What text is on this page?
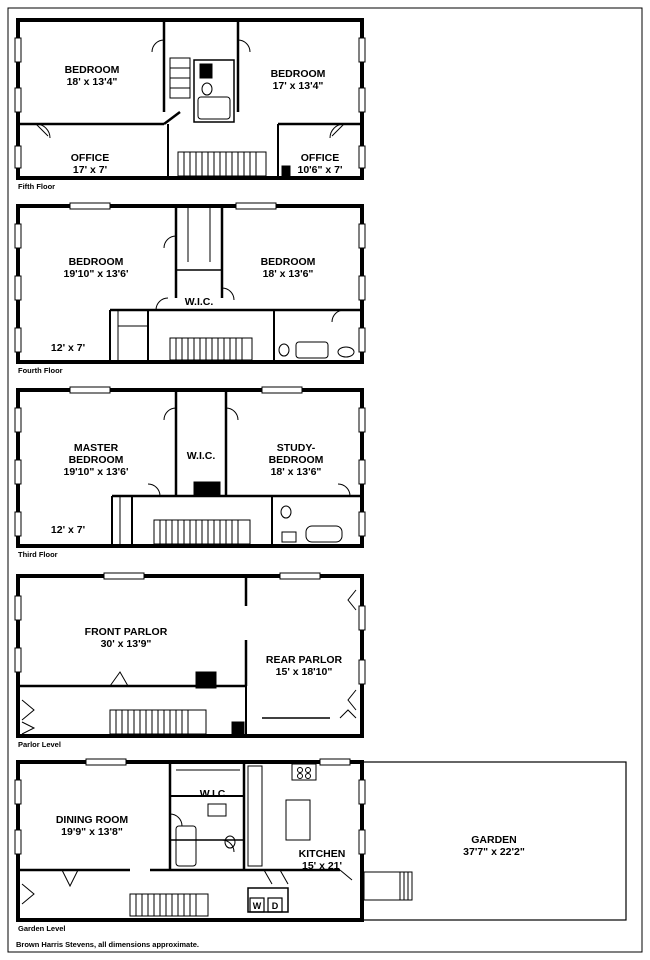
BEDROOM
18' x 13'4"

BEDROOM
17' x 13'4"

OFFICE
17' x 7'

OFFICE
10'6" x 7'

Fifth Floor

BEDROOM
19'10" x 13'6'

BEDROOM
18' x 13'6"

W.I.C.

12' x 7'

Fourth Floor

MASTER
BEDROOM
19'10" x 13'6'

W.I.C.

STUDY-
BEDROOM
18' x 13'6"

12' x 7'

Third Floor

FRONT PARLOR
30' x 13'9"

REAR PARLOR
15' x 18'10"

Parlor Level

DINING ROOM
19'9" x 13'8"

W.I.C.

KITCHEN
15' x 21'

GARDEN
37'7" x 22'2"

W D
Garden Level
Brown Harris Stevens, all dimensions approximate.
